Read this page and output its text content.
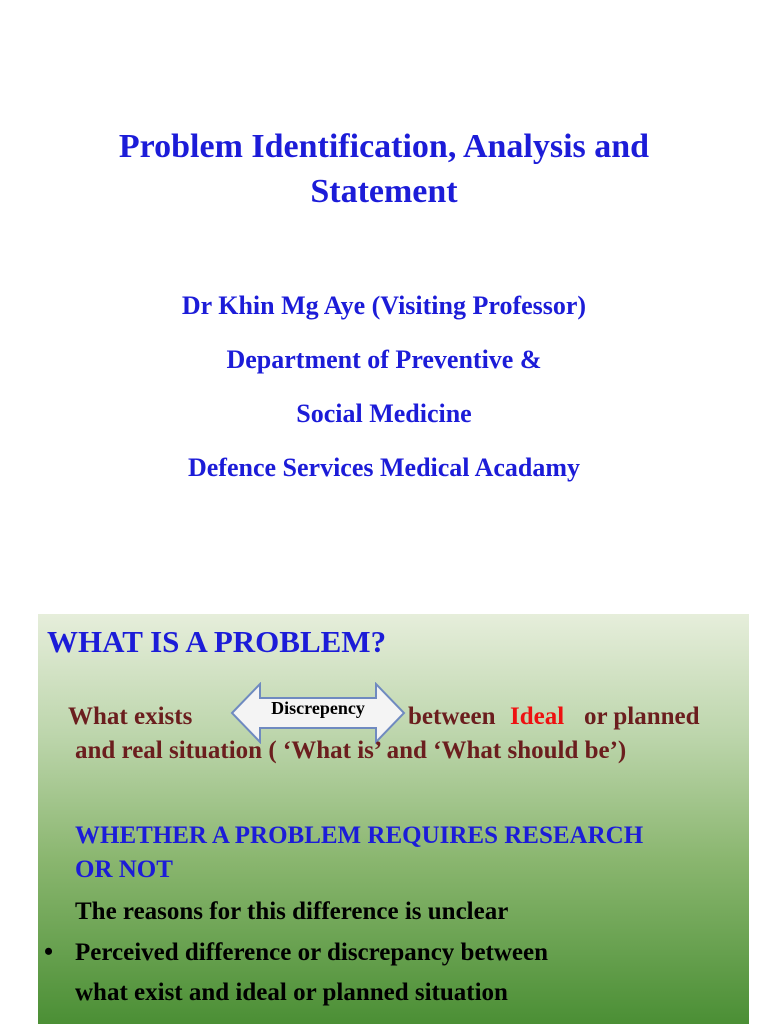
Problem Identification, Analysis and
Statement
Dr Khin Mg Aye (Visiting Professor)
Department of Preventive &
Social Medicine
Defence Services Medical Acadamy
WHAT IS A PROBLEM?
What exists	Discrepency	between Ideal or planned
and real situation ( ‘What is’ and ‘What should be’)
WHETHER A PROBLEM REQUIRES RESEARCH
OR NOT
The reasons for this difference is unclear
• Perceived difference or discrepancy between
what exist and ideal or planned situation
